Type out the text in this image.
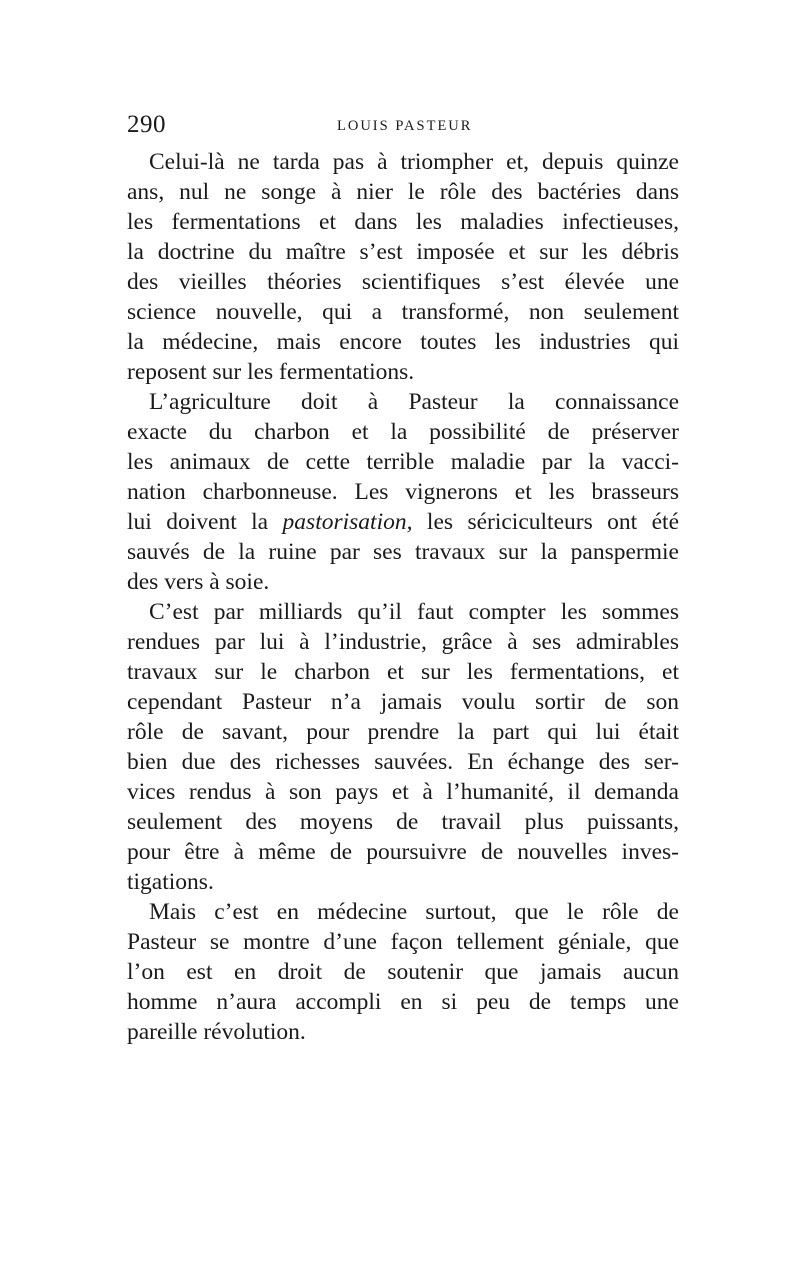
290	LOUIS PASTEUR
Celui-là ne tarda pas à triompher et, depuis quinze
ans, nul ne songe à nier le rôle des bactéries dans
les fermentations et dans les maladies infectieuses,
la doctrine du maître s’est imposée et sur les débris
des vieilles théories scientifiques s’est élevée une
science nouvelle, qui a transformé, non seulement
la médecine, mais encore toutes les industries qui
reposent sur les fermentations.
L’agriculture doit à Pasteur la connaissance
exacte du charbon et la possibilité de préserver
les animaux de cette terrible maladie par la vacci-
nation charbonneuse. Les vignerons et les brasseurs
lui doivent la pastorisation, les sériciculteurs ont été
sauvés de la ruine par ses travaux sur la panspermie
des vers à soie.
C’est par milliards qu’il faut compter les sommes
rendues par lui à l’industrie, grâce à ses admirables
travaux sur le charbon et sur les fermentations, et
cependant Pasteur n’a jamais voulu sortir de son
rôle de savant, pour prendre la part qui lui était
bien due des richesses sauvées. En échange des ser-
vices rendus à son pays et à l’humanité, il demanda
seulement des moyens de travail plus puissants,
pour être à même de poursuivre de nouvelles inves-
tigations.
Mais c’est en médecine surtout, que le rôle de
Pasteur se montre d’une façon tellement géniale, que
l’on est en droit de soutenir que jamais aucun
homme n’aura accompli en si peu de temps une
pareille révolution.
